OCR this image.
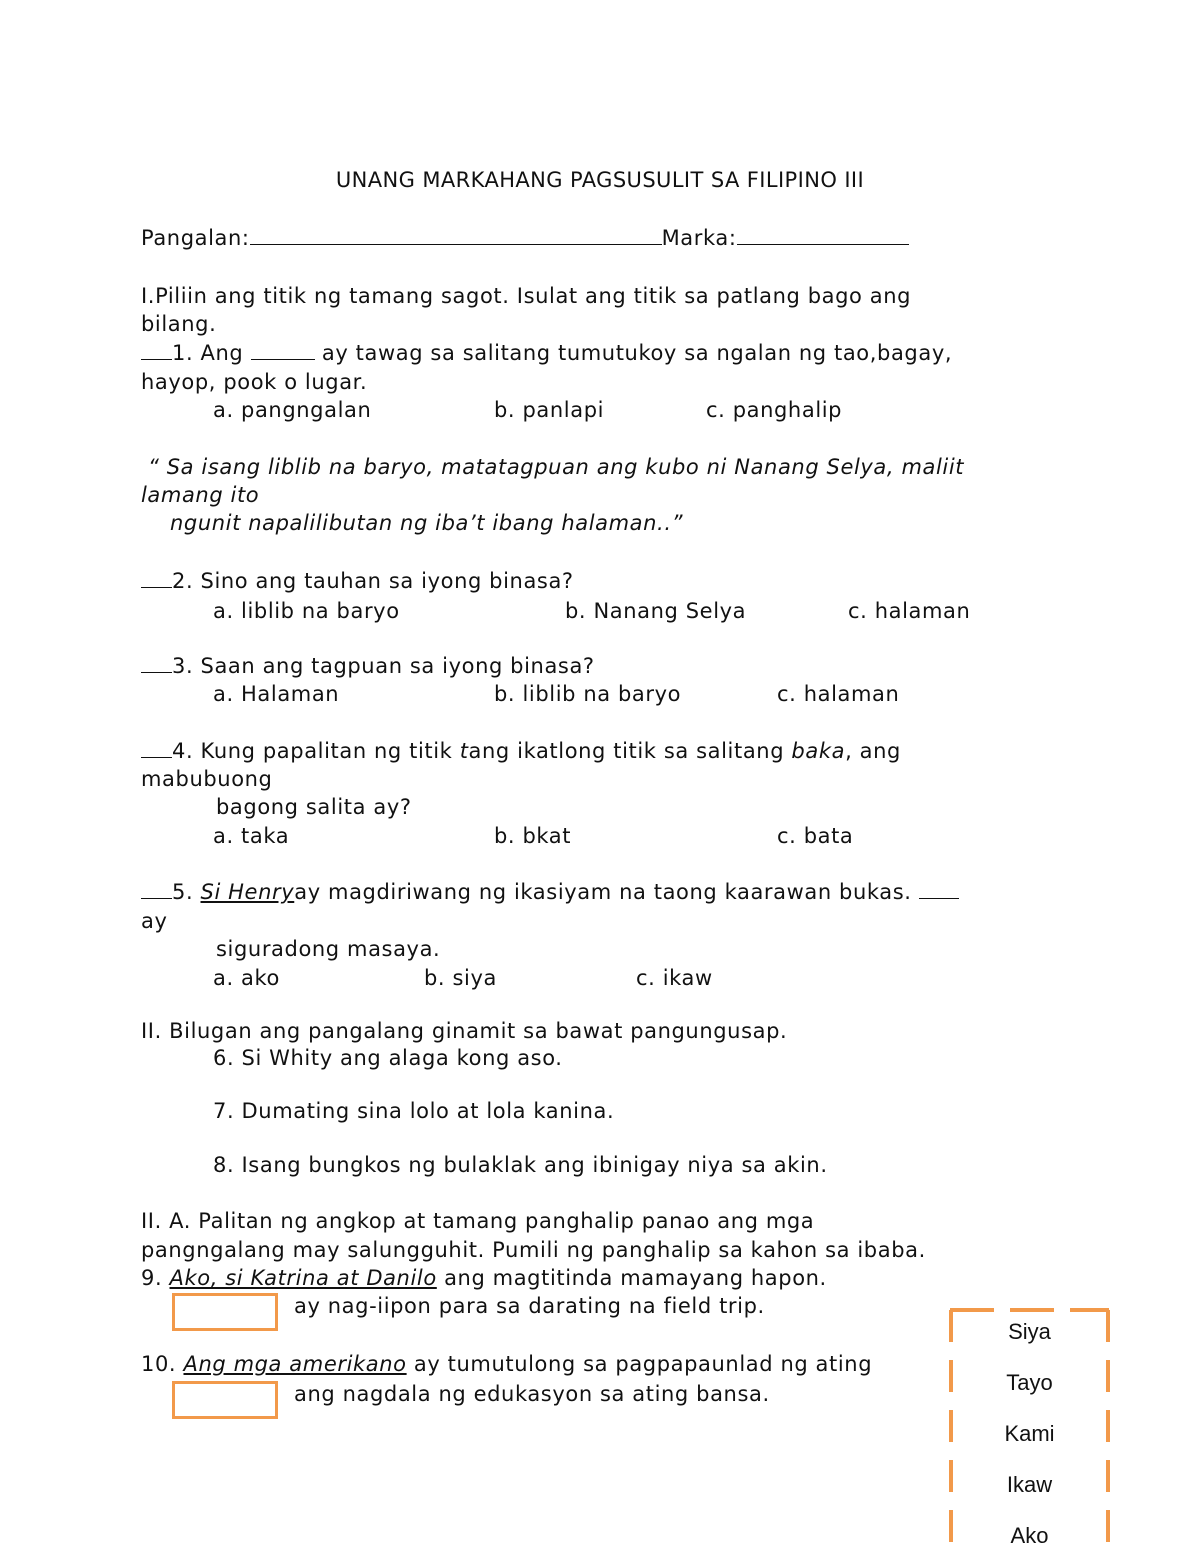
UNANG MARKAHANG PAGSUSULIT SA FILIPINO III
Pangalan:	Marka:
I.Piliin ang titik ng tamang sagot. Isulat ang titik sa patlang bago ang
bilang.
1. Ang	ay tawag sa salitang tumutukoy sa ngalan ng tao,bagay,
hayop, pook o lugar.
a. pangngalan	b. panlapi	c. panghalip
“ Sa isang liblib na baryo, matatagpuan ang kubo ni Nanang Selya, maliit
lamang ito
ngunit napalilibutan ng iba’t ibang halaman..”
2. Sino ang tauhan sa iyong binasa?
a. liblib na baryo	b. Nanang Selya	c. halaman
3. Saan ang tagpuan sa iyong binasa?
a. Halaman	b. liblib na baryo	c. halaman
4. Kung papalitan ng titik tang ikatlong titik sa salitang baka, ang
mabubuong
bagong salita ay?
a. taka	b. bkat	c. bata
5. Si Henryay magdiriwang ng ikasiyam na taong kaarawan bukas.
ay
siguradong masaya.
a. ako	b. siya	c. ikaw
II. Bilugan ang pangalang ginamit sa bawat pangungusap.
6. Si Whity ang alaga kong aso.
7. Dumating sina lolo at lola kanina.
8. Isang bungkos ng bulaklak ang ibinigay niya sa akin.
II. A. Palitan ng angkop at tamang panghalip panao ang mga
pangngalang may salungguhit. Pumili ng panghalip sa kahon sa ibaba.
9. Ako, si Katrina at Danilo ang magtitinda mamayang hapon.
ay nag-iipon para sa darating na field trip.
10. Ang mga amerikano ay tumutulong sa pagpapaunlad ng ating
ang nagdala ng edukasyon sa ating bansa.
Siya
Tayo
Kami
Ikaw
Ako
